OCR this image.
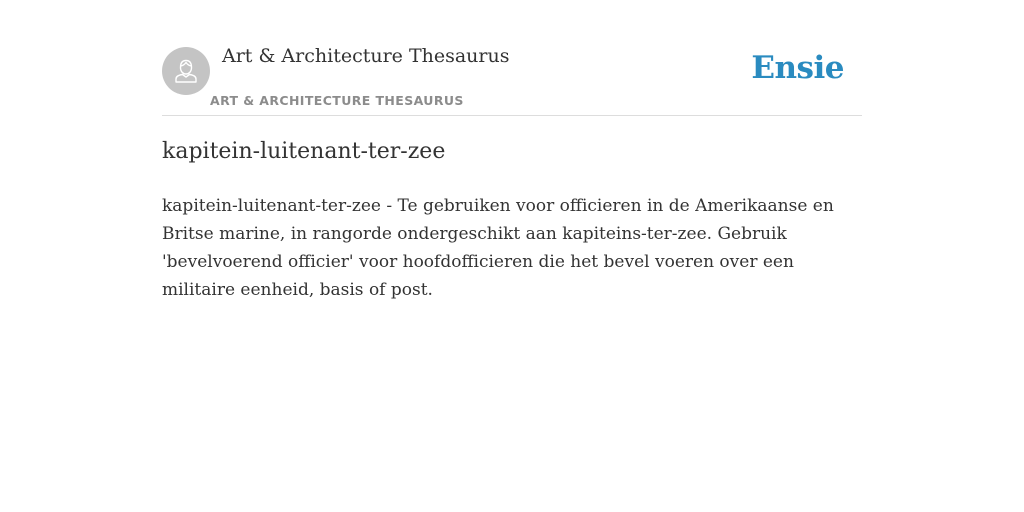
Art & Architecture Thesaurus
ART & ARCHITECTURE THESAURUS
Ensie
kapitein-luitenant-ter-zee

kapitein-luitenant-ter-zee - Te gebruiken voor officieren in de Amerikaanse en Britse marine, in rangorde ondergeschikt aan kapiteins-ter-zee. Gebruik 'bevelvoerend officier' voor hoofdofficieren die het bevel voeren over een militaire eenheid, basis of post.
